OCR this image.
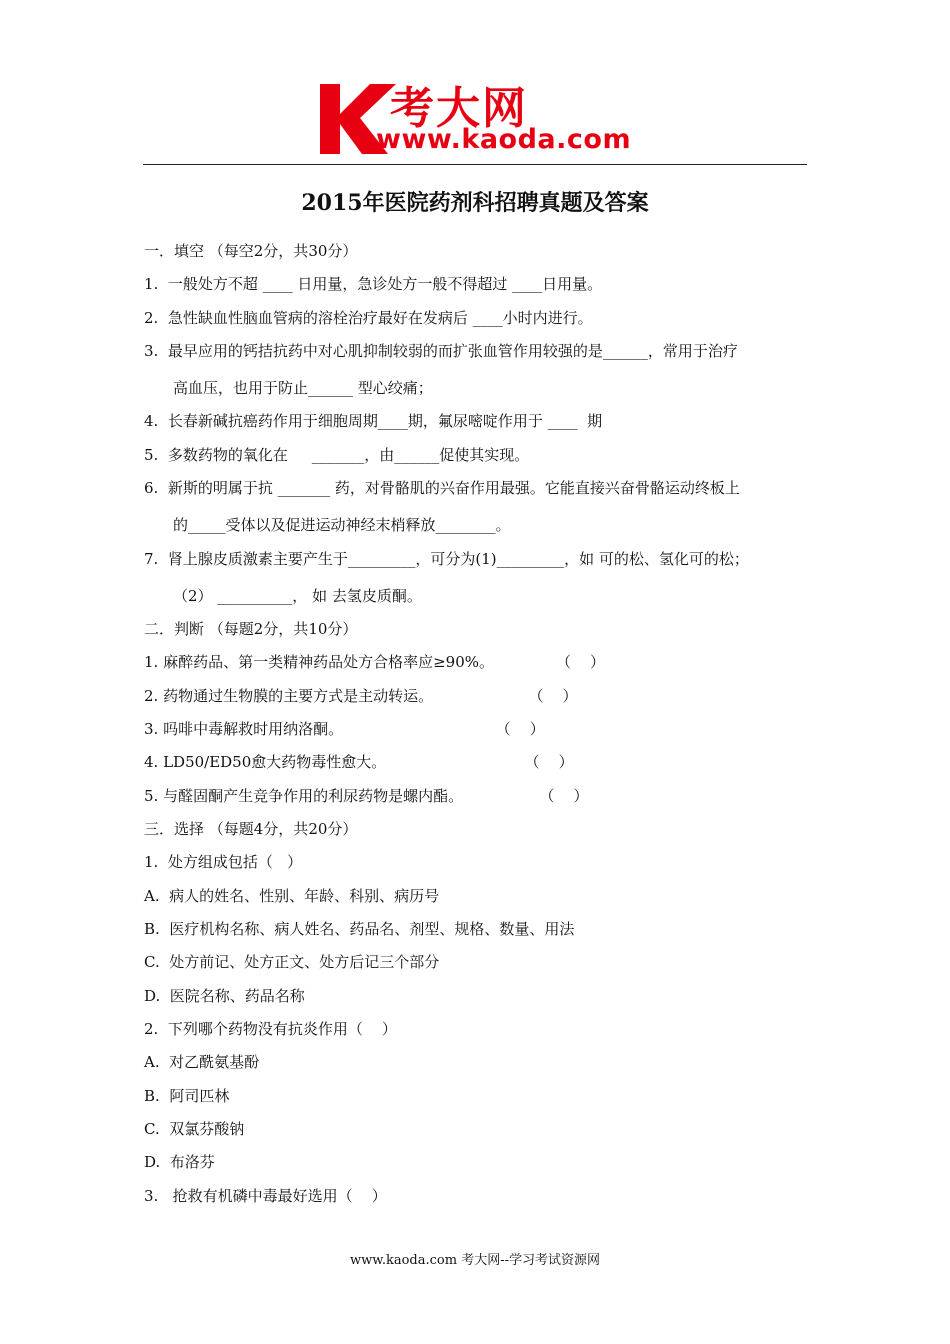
考大网
www.kaoda.com
2015年医院药剂科招聘真题及答案
一．填空 （每空2分，共30分）
1.  一般处方不超 ____ 日用量，急诊处方一般不得超过 ____日用量。
2.  急性缺血性脑血管病的溶栓治疗最好在发病后 ____小时内进行。
3.  最早应用的钙拮抗药中对心肌抑制较弱的而扩张血管作用较强的是______，常用于治疗
高血压，也用于防止______ 型心绞痛；
4.  长春新碱抗癌药作用于细胞周期____期，氟尿嘧啶作用于 ____  期
5.  多数药物的氧化在     _______，由______促使其实现。
6.  新斯的明属于抗 _______ 药，对骨骼肌的兴奋作用最强。它能直接兴奋骨骼运动终板上
的_____受体以及促进运动神经末梢释放________。
7.  肾上腺皮质激素主要产生于_________，可分为(1)_________，如 可的松、氢化可的松；
（2） __________， 如 去氢皮质酮。
二．判断 （每题2分，共10分）
1. 麻醉药品、第一类精神药品处方合格率应≥90%。             （    ）
2. 药物通过生物膜的主要方式是主动转运。                    （    ）
3. 吗啡中毒解救时用纳洛酮。                                （    ）
4. LD50/ED50愈大药物毒性愈大。                             （    ）
5. 与醛固酮产生竞争作用的利尿药物是螺内酯。                （    ）
三．选择 （每题4分，共20分）
1.  处方组成包括（   ）
A.  病人的姓名、性别、年龄、科别、病历号
B.  医疗机构名称、病人姓名、药品名、剂型、规格、数量、用法
C.  处方前记、处方正文、处方后记三个部分
D.  医院名称、药品名称
2.  下列哪个药物没有抗炎作用（    ）
A.  对乙酰氨基酚
B.  阿司匹林
C.  双氯芬酸钠
D.  布洛芬
3.   抢救有机磷中毒最好选用（    ）
www.kaoda.com 考大网--学习考试资源网
